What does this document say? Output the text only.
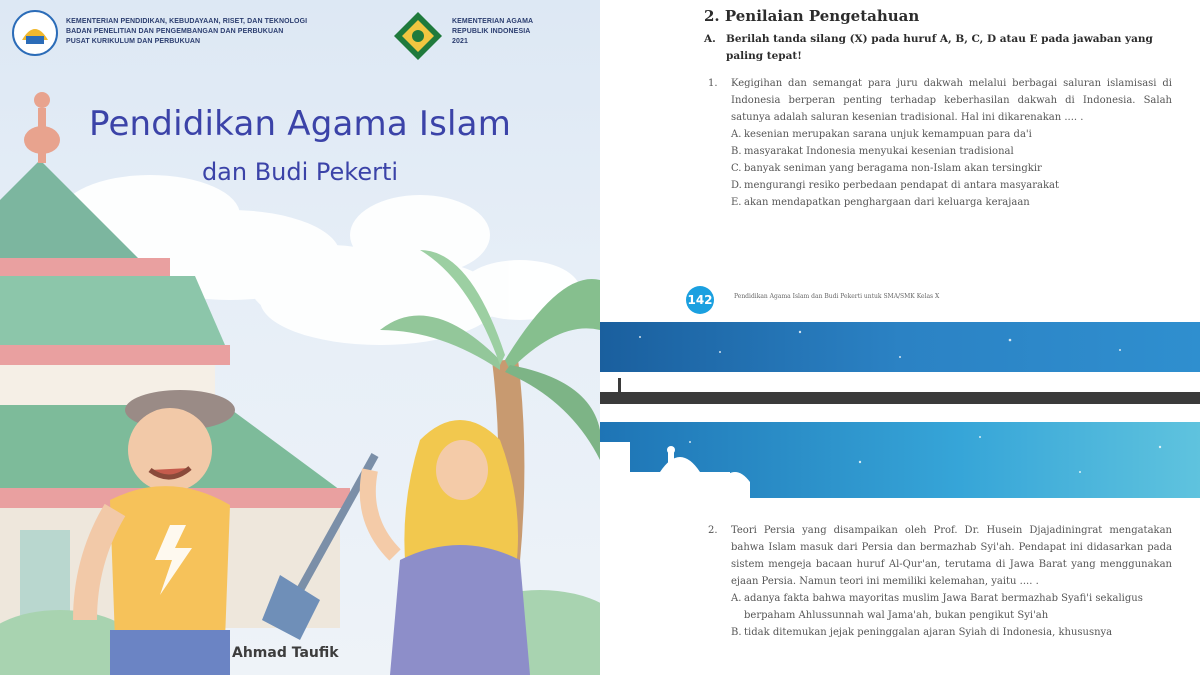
KEMENTERIAN PENDIDIKAN, KEBUDAYAAN, RISET, DAN TEKNOLOGI
BADAN PENELITIAN DAN PENGEMBANGAN DAN PERBUKUAN
PUSAT KURIKULUM DAN PERBUKUAN
KEMENTERIAN AGAMA
REPUBLIK INDONESIA
2021
Pendidikan Agama Islam
dan Budi Pekerti
Ahmad Taufik
2. Penilaian Pengetahuan
A. Berilah tanda silang (X) pada huruf A, B, C, D atau E pada jawaban yang paling tepat!
1. Kegigihan dan semangat para juru dakwah melalui berbagai saluran islamisasi di Indonesia berperan penting terhadap keberhasilan dakwah di Indonesia. Salah satunya adalah saluran kesenian tradisional. Hal ini dikarenakan .... .
A. kesenian merupakan sarana unjuk kemampuan para da'i
B. masyarakat Indonesia menyukai kesenian tradisional
C. banyak seniman yang beragama non-Islam akan tersingkir
D. mengurangi resiko perbedaan pendapat di antara masyarakat
E. akan mendapatkan penghargaan dari keluarga kerajaan
142	Pendidikan Agama Islam dan Budi Pekerti untuk SMA/SMK Kelas X
2. Teori Persia yang disampaikan oleh Prof. Dr. Husein Djajadiningrat mengatakan bahwa Islam masuk dari Persia dan bermazhab Syi'ah. Pendapat ini didasarkan pada sistem mengeja bacaan huruf Al-Qur'an, terutama di Jawa Barat yang menggunakan ejaan Persia. Namun teori ini memiliki kelemahan, yaitu .... .
A. adanya fakta bahwa mayoritas muslim Jawa Barat bermazhab Syafi'i sekaligus berpaham Ahlussunnah wal Jama'ah, bukan pengikut Syi'ah
B. tidak ditemukan jejak peninggalan ajaran Syiah di Indonesia, khususnya
